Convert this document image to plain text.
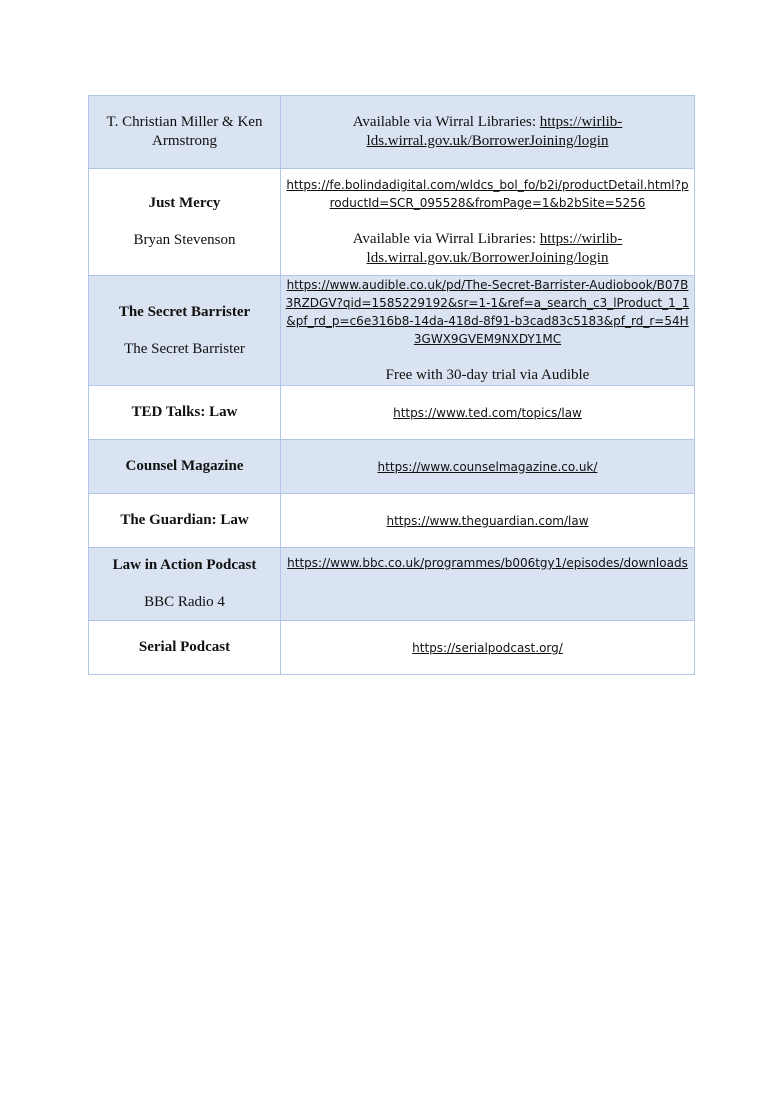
T. Christian Miller & Ken Armstrong	Available via Wirral Libraries: https://wirlib-lds.wirral.gov.uk/BorrowerJoining/login

Just Mercy
Bryan Stevenson	https://fe.bolindadigital.com/wldcs_bol_fo/b2i/productDetail.html?productId=SCR_095528&fromPage=1&b2bSite=5256
Available via Wirral Libraries: https://wirlib-lds.wirral.gov.uk/BorrowerJoining/login

The Secret Barrister
The Secret Barrister	https://www.audible.co.uk/pd/The-Secret-Barrister-Audiobook/B07B3RZDGV?qid=1585229192&sr=1-1&ref=a_search_c3_lProduct_1_1&pf_rd_p=c6e316b8-14da-418d-8f91-b3cad83c5183&pf_rd_r=54H3GWX9GVEM9NXDY1MC
Free with 30-day trial via Audible

TED Talks: Law	https://www.ted.com/topics/law

Counsel Magazine	https://www.counselmagazine.co.uk/

The Guardian: Law	https://www.theguardian.com/law

Law in Action Podcast
BBC Radio 4	https://www.bbc.co.uk/programmes/b006tgy1/episodes/downloads

Serial Podcast	https://serialpodcast.org/
